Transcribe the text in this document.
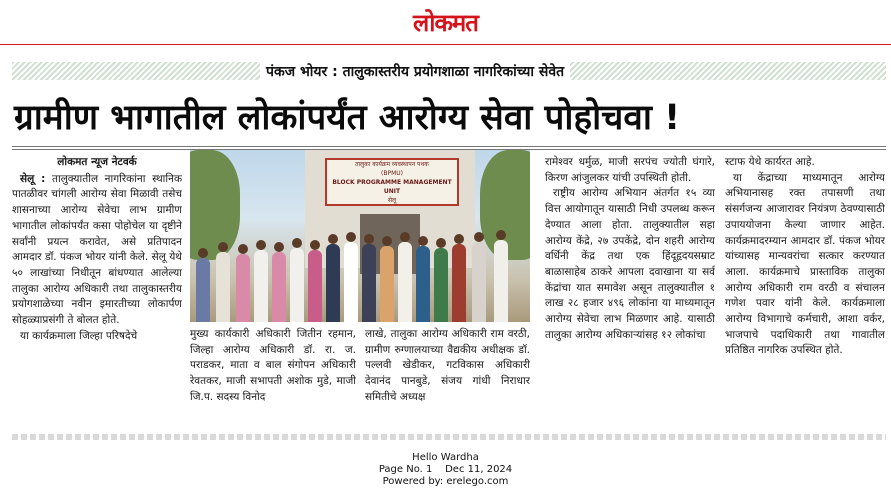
लोकमत
पंकज भोयर : तालुकास्तरीय प्रयोगशाळा नागरिकांच्या सेवेत
ग्रामीण भागातील लोकांपर्यंत आरोग्य सेवा पोहोचवा !
लोकमत न्यूज नेटवर्क

सेलू : तालुक्यातील नागरिकांना स्थानिक पातळीवर चांगली आरोग्य सेवा मिळावी तसेच शासनाच्या आरोग्य सेवेचा लाभ ग्रामीण भागातील लोकांपर्यंत कसा पोहोचेल या दृष्टीने सर्वांनी प्रयत्न करावेत, असे प्रतिपादन आमदार डॉ. पंकज भोयर यांनी केले. सेलू येथे ५० लाखांच्या निधीतून बांधण्यात आलेल्या तालुका आरोग्य अधिकारी तथा तालुकास्तरीय प्रयोगशाळेच्या नवीन इमारतीच्या लोकार्पण सोहळ्याप्रसंगी ते बोलत होते.

या कार्यक्रमाला जिल्हा परिषदेचे

तालुका कार्यक्रम व्यवस्थापन पथक
(BPMU)
BLOCK PROGRAMME MANAGEMENT UNIT
सेलू

मुख्य कार्यकारी अधिकारी जितीन रहमान, जिल्हा आरोग्य अधिकारी डॉ. रा. ज. पराडकर, माता व बाल संगोपन अधिकारी रेवतकर, माजी सभापती अशोक मुडे, माजी जि.प. सदस्य विनोद

लाखे, तालुका आरोग्य अधिकारी राम वरठी, ग्रामीण रुग्णालयाच्या वैद्यकीय अधीक्षक डॉ. पल्लवी खेडीकर, गटविकास अधिकारी देवानंद पानबुडे, संजय गांधी निराधार समितीचे अध्यक्ष

रामेश्वर धर्मुळ, माजी सरपंच ज्योती घंगारे, किरण आंजुलकर यांची उपस्थिती होती.

राष्ट्रीय आरोग्य अभियान अंतर्गत १५ व्या वित्त आयोगातून यासाठी निधी उपलब्ध करून देण्यात आला होता. तालुक्यातील सहा आरोग्य केंद्रे, २७ उपकेंद्रे, दोन शहरी आरोग्य वर्धिनी केंद्र तथा एक हिंदूहृदयसम्राट बाळासाहेब ठाकरे आपला दवाखाना या सर्व केंद्रांचा यात समावेश असून तालुक्यातील १ लाख २८ हजार ४९६ लोकांना या माध्यमातून आरोग्य सेवेचा लाभ मिळणार आहे. यासाठी तालुका आरोग्य अधिकाऱ्यांसह १२ लोकांचा

स्टाफ येथे कार्यरत आहे.

या केंद्राच्या माध्यमातून आरोग्य अभियानासह रक्त तपासणी तथा संसर्गजन्य आजारावर नियंत्रण ठेवण्यासाठी उपाययोजना केल्या जाणार आहेत. कार्यक्रमादरम्यान आमदार डॉ. पंकज भोयर यांच्यासह मान्यवरांचा सत्कार करण्यात आला. कार्यक्रमाचे प्रास्ताविक तालुका आरोग्य अधिकारी राम वरठी व संचालन गणेश पवार यांनी केले. कार्यक्रमाला आरोग्य विभागाचे कर्मचारी, आशा वर्कर, भाजपाचे पदाधिकारी तथा गावातील प्रतिष्ठित नागरिक उपस्थित होते.

Hello Wardha
Page No. 1    Dec 11, 2024
Powered by: erelego.com
